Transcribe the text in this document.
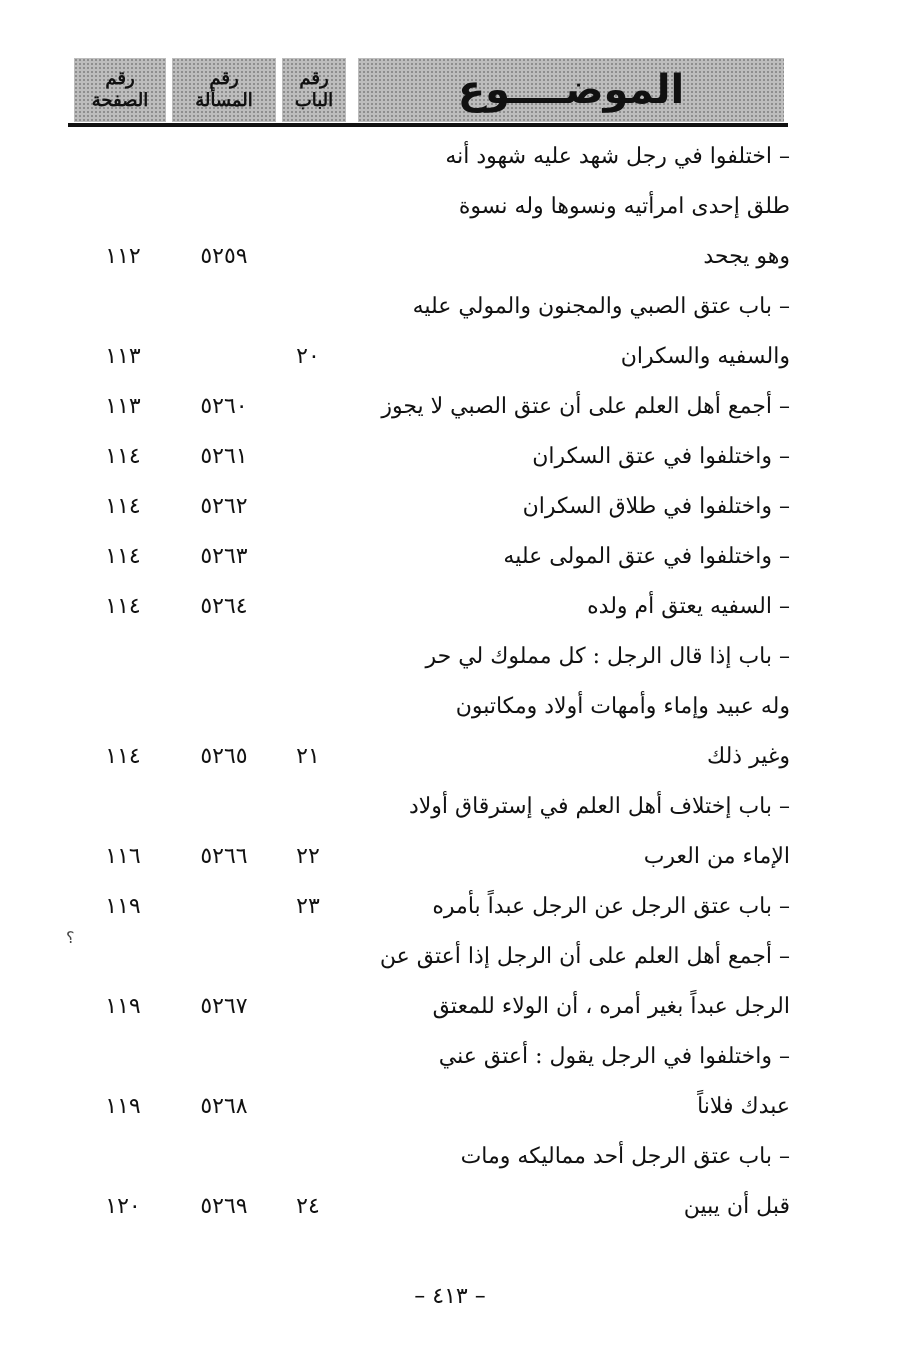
الموضــــوع
رقم
الباب
رقم
المسألة
رقم
الصفحة
– اختلفوا في رجل شهد عليه شهود أنه
طلق إحدى امرأتيه ونسوها وله نسوة
وهو يجحد
٥٢٥٩
١١٢
– باب عتق الصبي والمجنون والمولي عليه
والسفيه والسكران
٢٠
١١٣
– أجمع أهل العلم على أن عتق الصبي لا يجوز
٥٢٦٠
١١٣
– واختلفوا في عتق السكران
٥٢٦١
١١٤
– واختلفوا في طلاق السكران
٥٢٦٢
١١٤
– واختلفوا في عتق المولى عليه
٥٢٦٣
١١٤
– السفيه يعتق أم ولده
٥٢٦٤
١١٤
– باب إذا قال الرجل : كل مملوك لي حر
وله عبيد وإماء وأمهات أولاد ومكاتبون
وغير ذلك
٢١
٥٢٦٥
١١٤
– باب إختلاف أهل العلم في إسترقاق أولاد
الإماء من العرب
٢٢
٥٢٦٦
١١٦
– باب عتق الرجل عن الرجل عبداً بأمره
٢٣
١١٩
– أجمع أهل العلم على أن الرجل إذا أعتق عن
الرجل عبداً بغير أمره ، أن الولاء للمعتق
٥٢٦٧
١١٩
– واختلفوا في الرجل يقول : أعتق عني
عبدك فلاناً
٥٢٦٨
١١٩
– باب عتق الرجل أحد مماليكه ومات
قبل أن يبين
٢٤
٥٢٦٩
١٢٠
؟
– ٤١٣ –
